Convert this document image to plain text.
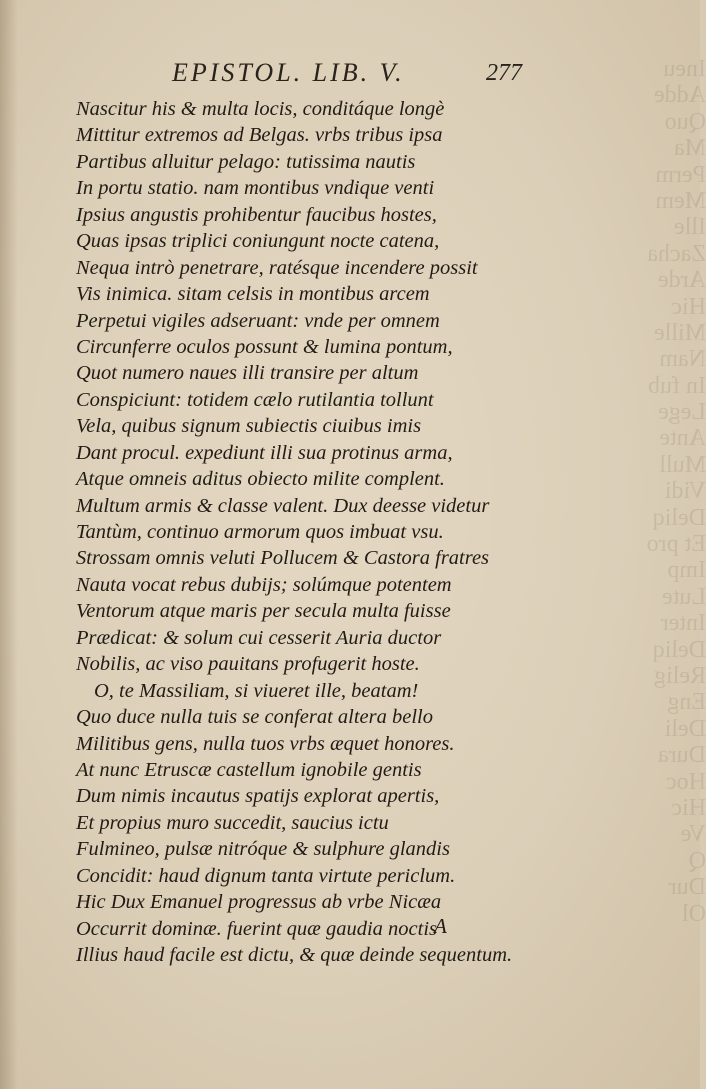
Ineu
Adde
Quo
Ma
Perm
Mem
Ille
Zacha
Arde
Hic
Mille
Nam
In fub
Lege
Ante
Mull
Vidi
Deliq
Et pro
Imp
Lute
Inter
Deliq
Relig
Eng
Deli
Dura
Hoc
Hic
Ve
Q
Dur
Ol
EPISTOL. LIB. V.	277
Nascitur his & multa locis, conditáque longè
Mittitur extremos ad Belgas. vrbs tribus ipsa
Partibus alluitur pelago: tutissima nautis
In portu statio. nam montibus vndique venti
Ipsius angustis prohibentur faucibus hostes,
Quas ipsas triplici coniungunt nocte catena,
Nequa intrò penetrare, ratésque incendere possit
Vis inimica. sitam celsis in montibus arcem
Perpetui vigiles adseruant: vnde per omnem
Circunferre oculos possunt & lumina pontum,
Quot numero naues illi transire per altum
Conspiciunt: totidem cælo rutilantia tollunt
Vela, quibus signum subiectis ciuibus imis
Dant procul. expediunt illi sua protinus arma,
Atque omneis aditus obiecto milite complent.
Multum armis & classe valent. Dux deesse videtur
Tantùm, continuo armorum quos imbuat vsu.
Strossam omnis veluti Pollucem & Castora fratres
Nauta vocat rebus dubijs; solúmque potentem
Ventorum atque maris per secula multa fuisse
Prædicat: & solum cui cesserit Auria ductor
Nobilis, ac viso pauitans profugerit hoste.
O, te Massiliam, si viueret ille, beatam!
Quo duce nulla tuis se conferat altera bello
Militibus gens, nulla tuos vrbs æquet honores.
At nunc Etruscæ castellum ignobile gentis
Dum nimis incautus spatijs explorat apertis,
Et propius muro succedit, saucius ictu
Fulmineo, pulsæ nitróque & sulphure glandis
Concidit: haud dignum tanta virtute periclum.
Hic Dux Emanuel progressus ab vrbe Nicæa
Occurrit dominæ. fuerint quæ gaudia noctis
Illius haud facile est dictu, & quæ deinde sequentum.
A
